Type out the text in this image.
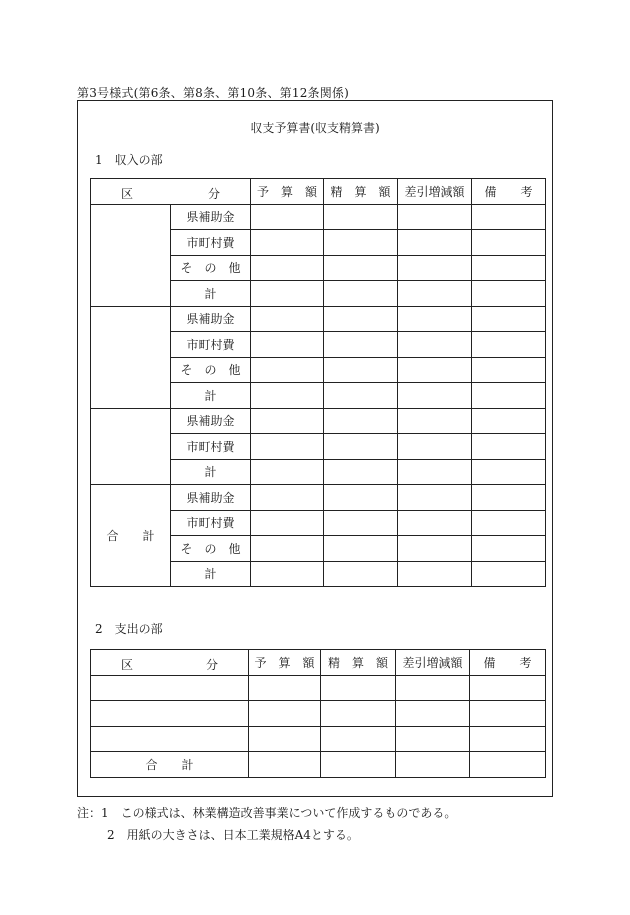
第3号様式(第6条、第8条、第10条、第12条関係)
収支予算書(収支精算書)
1　収入の部
区 分		予　算　額	精　算　額	差引増減額	備　　考
	県補助金				
	市町村費				
	そ　の　他				
	計				
	県補助金				
	市町村費				
	そ　の　他				
	計				
	県補助金				
	市町村費				
	計				
合　　計	県補助金				
	市町村費				
	そ　の　他				
	計				
2　支出の部
区 分	予　算　額	精　算　額	差引増減額	備　　考

合　　計				
注：1　この様式は、林業構造改善事業について作成するものである。
2　用紙の大きさは、日本工業規格A4とする。
